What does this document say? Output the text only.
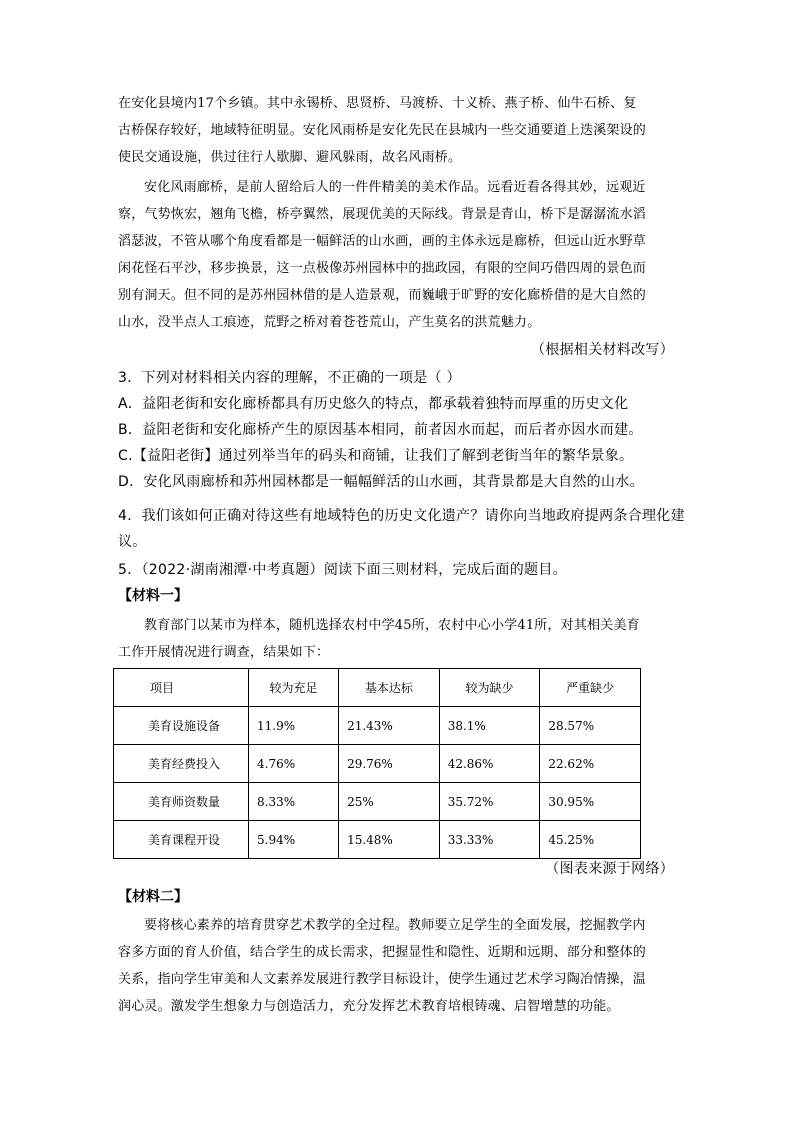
在安化县境内17个乡镇。其中永锡桥、思贤桥、马渡桥、十义桥、燕子桥、仙牛石桥、复
古桥保存较好，地域特征明显。安化风雨桥是安化先民在县城内一些交通要道上迭溪架设的
使民交通设施，供过往行人歇脚、避风躲雨，故名风雨桥。
安化风雨廊桥，是前人留给后人的一件件精美的美术作品。远看近看各得其妙，远观近
察，气势恢宏，翘角飞檐，桥亭翼然，展现优美的天际线。背景是青山，桥下是潺潺流水滔
滔瑟波，不管从哪个角度看都是一幅鲜活的山水画，画的主体永远是廊桥，但远山近水野草
闲花怪石平沙，移步换景，这一点极像苏州园林中的拙政园，有限的空间巧借四周的景色而
别有洞天。但不同的是苏州园林借的是人造景观，而巍峨于旷野的安化廊桥借的是大自然的
山水，没半点人工痕迹，荒野之桥对着苍苍荒山，产生莫名的洪荒魅力。
（根据相关材料改写）
3．下列对材料相关内容的理解，不正确的一项是（ ）
A．益阳老街和安化廊桥都具有历史悠久的特点，都承载着独特而厚重的历史文化
B．益阳老街和安化廊桥产生的原因基本相同，前者因水而起，而后者亦因水而建。
C.【益阳老街】通过列举当年的码头和商铺，让我们了解到老街当年的繁华景象。
D．安化风雨廊桥和苏州园林都是一幅幅鲜活的山水画，其背景都是大自然的山水。
4．我们该如何正确对待这些有地域特色的历史文化遗产？请你向当地政府提两条合理化建
议。
5．（2022·湖南湘潭·中考真题）阅读下面三则材料，完成后面的题目。
【材料一】
教育部门以某市为样本，随机选择农村中学45所，农村中心小学41所，对其相关美育
工作开展情况进行调查，结果如下：
项目	较为充足	基本达标	较为缺少	严重缺少
美育设施设备	11.9%	21.43%	38.1%	28.57%
美育经费投入	4.76%	29.76%	42.86%	22.62%
美育师资数量	8.33%	25%	35.72%	30.95%
美育课程开设	5.94%	15.48%	33.33%	45.25%
（图表来源于网络）
【材料二】
要将核心素养的培育贯穿艺术教学的全过程。教师要立足学生的全面发展，挖掘教学内
容多方面的育人价值，结合学生的成长需求，把握显性和隐性、近期和远期、部分和整体的
关系，指向学生审美和人文素养发展进行教学目标设计，使学生通过艺术学习陶冶情操，温
润心灵。激发学生想象力与创造活力，充分发挥艺术教育培根铸魂、启智增慧的功能。
